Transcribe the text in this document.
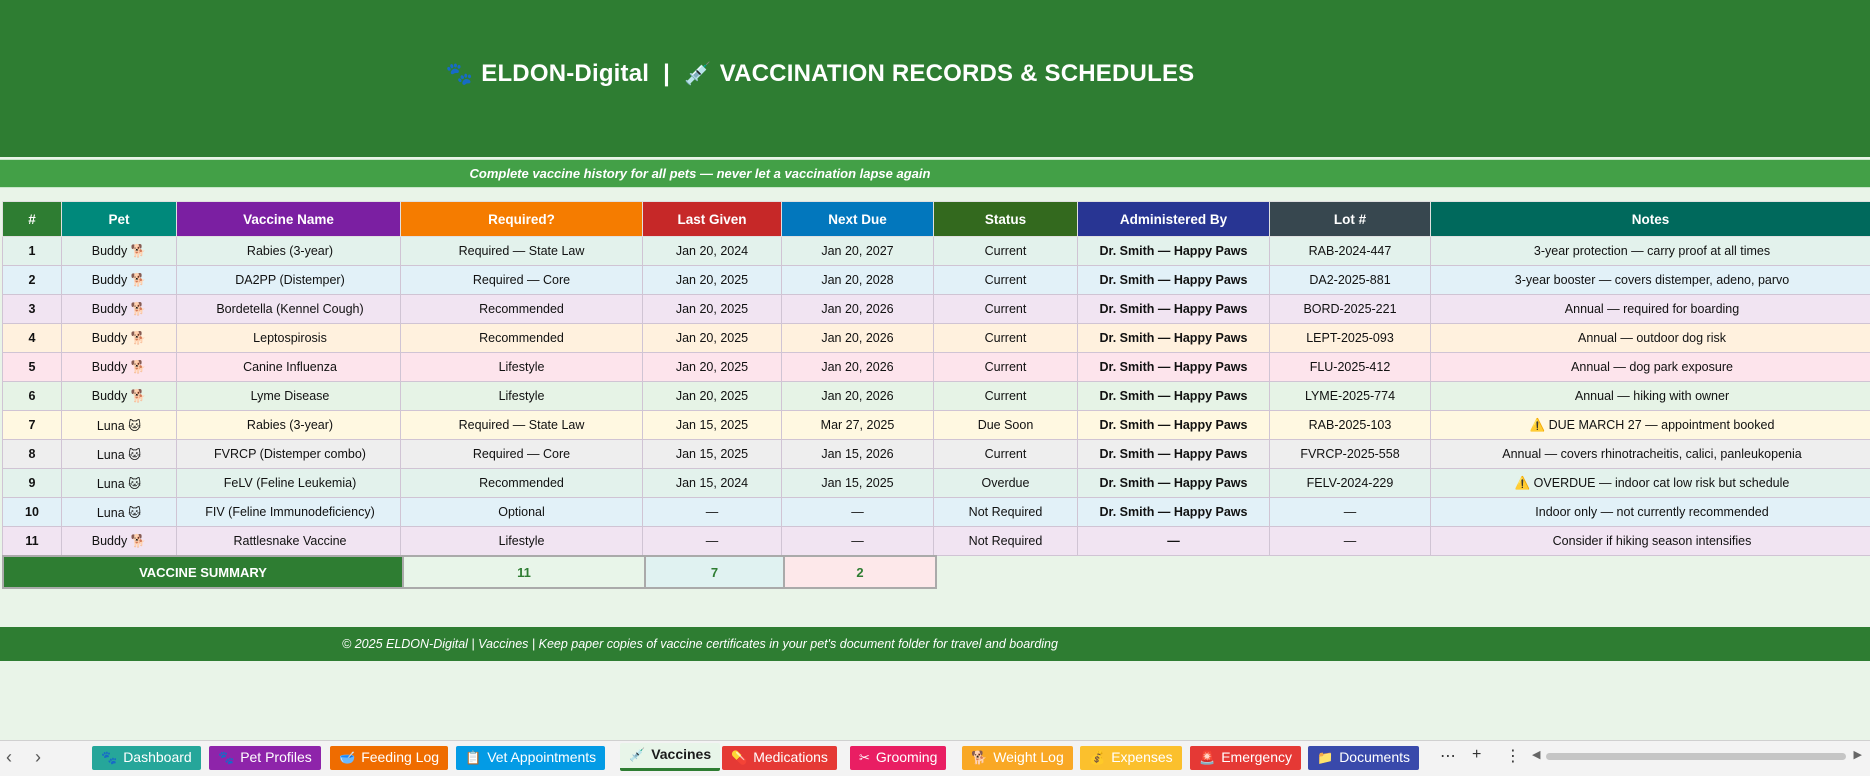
🐾 ELDON-Digital | 💉 VACCINATION RECORDS & SCHEDULES
Complete vaccine history for all pets — never let a vaccination lapse again
#	Pet	Vaccine Name	Required?	Last Given	Next Due	Status	Administered By	Lot #	Notes
1	Buddy 🐕	Rabies (3-year)	Required — State Law	Jan 20, 2024	Jan 20, 2027	Current	Dr. Smith — Happy Paws	RAB-2024-447	3-year protection — carry proof at all times
2	Buddy 🐕	DA2PP (Distemper)	Required — Core	Jan 20, 2025	Jan 20, 2028	Current	Dr. Smith — Happy Paws	DA2-2025-881	3-year booster — covers distemper, adeno, parvo
3	Buddy 🐕	Bordetella (Kennel Cough)	Recommended	Jan 20, 2025	Jan 20, 2026	Current	Dr. Smith — Happy Paws	BORD-2025-221	Annual — required for boarding
4	Buddy 🐕	Leptospirosis	Recommended	Jan 20, 2025	Jan 20, 2026	Current	Dr. Smith — Happy Paws	LEPT-2025-093	Annual — outdoor dog risk
5	Buddy 🐕	Canine Influenza	Lifestyle	Jan 20, 2025	Jan 20, 2026	Current	Dr. Smith — Happy Paws	FLU-2025-412	Annual — dog park exposure
6	Buddy 🐕	Lyme Disease	Lifestyle	Jan 20, 2025	Jan 20, 2026	Current	Dr. Smith — Happy Paws	LYME-2025-774	Annual — hiking with owner
7	Luna 🐱	Rabies (3-year)	Required — State Law	Jan 15, 2025	Mar 27, 2025	Due Soon	Dr. Smith — Happy Paws	RAB-2025-103	⚠️ DUE MARCH 27 — appointment booked
8	Luna 🐱	FVRCP (Distemper combo)	Required — Core	Jan 15, 2025	Jan 15, 2026	Current	Dr. Smith — Happy Paws	FVRCP-2025-558	Annual — covers rhinotracheitis, calici, panleukopenia
9	Luna 🐱	FeLV (Feline Leukemia)	Recommended	Jan 15, 2024	Jan 15, 2025	Overdue	Dr. Smith — Happy Paws	FELV-2024-229	⚠️ OVERDUE — indoor cat low risk but schedule
10	Luna 🐱	FIV (Feline Immunodeficiency)	Optional	—	—	Not Required	Dr. Smith — Happy Paws	—	Indoor only — not currently recommended
11	Buddy 🐕	Rattlesnake Vaccine	Lifestyle	—	—	Not Required	—	—	Consider if hiking season intensifies
VACCINE SUMMARY	11	7	2
© 2025 ELDON-Digital | Vaccines | Keep paper copies of vaccine certificates in your pet's document folder for travel and boarding
‹ ›	🐾 Dashboard	🐾 Pet Profiles	🥣 Feeding Log	📋 Vet Appointments	💉 Vaccines	💊 Medications	✂ Grooming	🐕 Weight Log	💰 Expenses	🚨 Emergency	📁 Documents	⋯ + ⋮ ◀	▶
